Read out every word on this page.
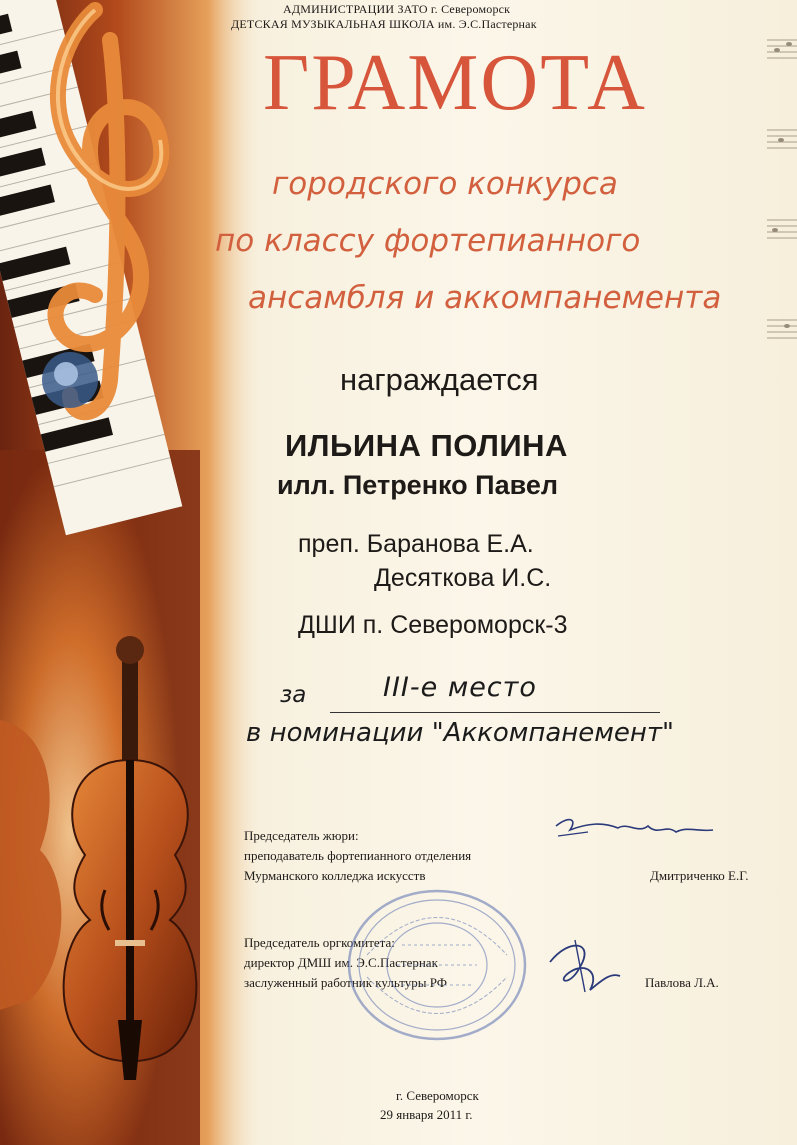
АДМИНИСТРАЦИИ ЗАТО г. Североморск
ДЕТСКАЯ МУЗЫКАЛЬНАЯ ШКОЛА им. Э.С.Пастернак
ГРАМОТА
городского конкурса
по классу фортепианного
ансамбля и аккомпанемента
награждается
ИЛЬИНА ПОЛИНА
илл. Петренко Павел
преп. Баранова Е.А.
Десяткова И.С.
ДШИ п. Североморск-3
за	III-е место
в номинации "Аккомпанемент"
Председатель жюри:
преподаватель фортепианного отделения
Мурманского колледжа искусств	Дмитриченко Е.Г.
Председатель оргкомитета:
директор ДМШ им. Э.С.Пастернак
заслуженный работник культуры РФ	Павлова Л.А.
г. Североморск
29 января 2011 г.
